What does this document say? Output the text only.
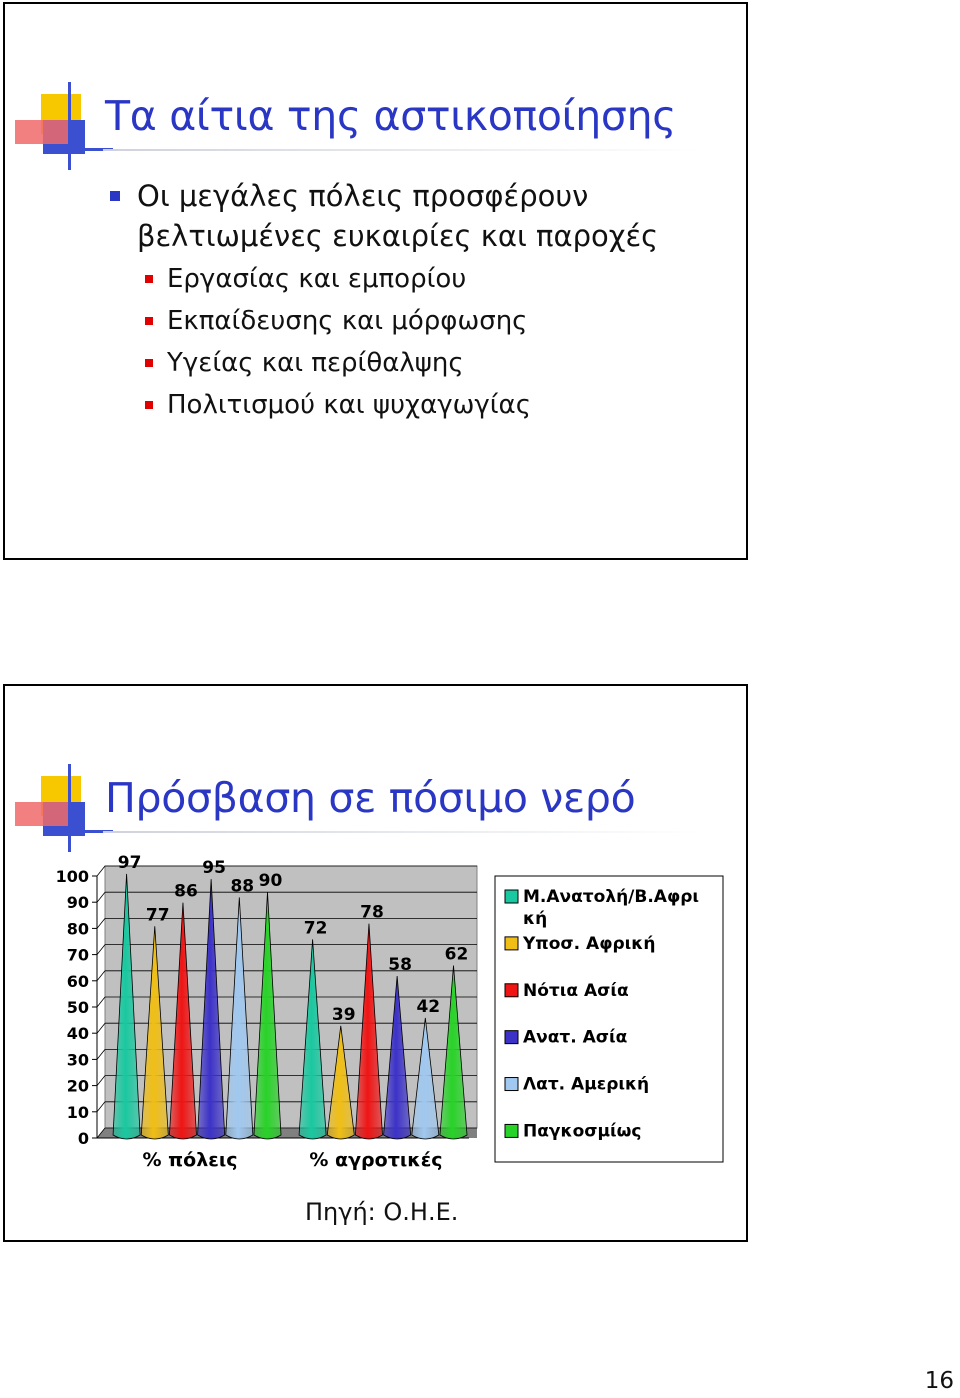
Τα αίτια της αστικοποίησης
Οι μεγάλες πόλεις προσφέρουν βελτιωμένες ευκαιρίες και παροχές
Εργασίας και εμπορίου
Εκπαίδευσης και μόρφωσης
Υγείας και περίθαλψης
Πολιτισμού και ψυχαγωγίας
Πρόσβαση σε πόσιμο νερό
0
10
20
30
40
50
60
70
80
90
100
97
77
86
95
88 90
% πόλεις
72
39
78
58
42
62
% αγροτικές
Μ.Ανατολή/Β.Αφρι κή
Υποσ. Αφρική
Νότια Ασία
Ανατ. Ασία
Λατ. Αμερική
Παγκοσμίως
Πηγή: Ο.Η.Ε.
16
